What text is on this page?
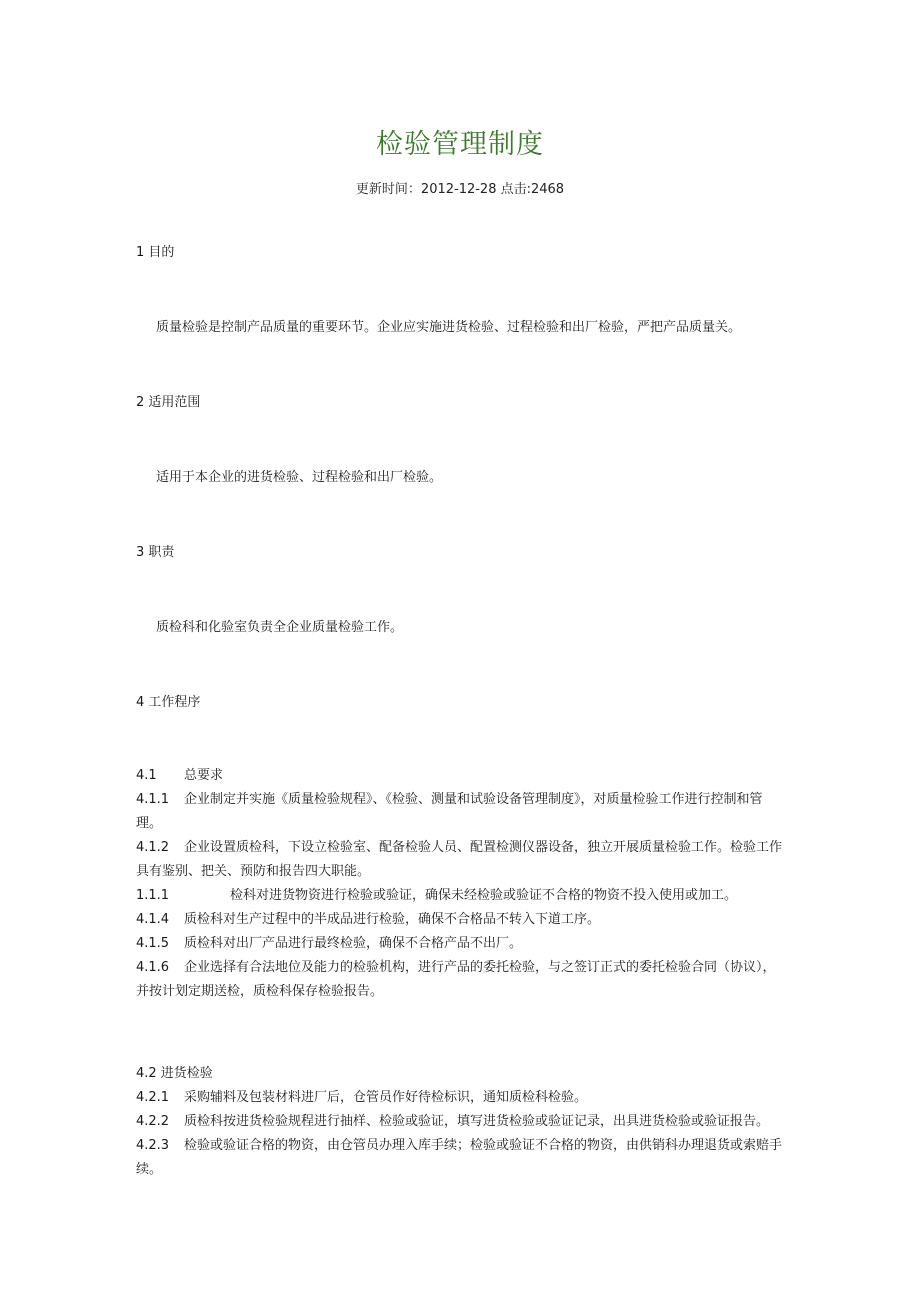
检验管理制度
更新时间：2012-12-28 点击:2468
1 目的
质量检验是控制产品质量的重要环节。企业应实施进货检验、过程检验和出厂检验，严把产品质量关。
2 适用范围
适用于本企业的进货检验、过程检验和出厂检验。
3 职责
质检科和化验室负责全企业质量检验工作。
4 工作程序

4.1 总要求

4.1.1 企业制定并实施《质量检验规程》、《检验、测量和试验设备管理制度》，对质量检验工作进行控制和管理。

4.1.2 企业设置质检科，下设立检验室、配备检验人员、配置检测仪器设备，独立开展质量检验工作。检验工作具有鉴别、把关、预防和报告四大职能。

1.1.1	检科对进货物资进行检验或验证，确保未经检验或验证不合格的物资不投入使用或加工。

4.1.4 质检科对生产过程中的半成品进行检验，确保不合格品不转入下道工序。

4.1.5 质检科对出厂产品进行最终检验，确保不合格产品不出厂。

4.1.6 企业选择有合法地位及能力的检验机构，进行产品的委托检验，与之签订正式的委托检验合同（协议），并按计划定期送检，质检科保存检验报告。

4.2 进货检验

4.2.1 采购辅料及包装材料进厂后，仓管员作好待检标识，通知质检科检验。

4.2.2 质检科按进货检验规程进行抽样、检验或验证，填写进货检验或验证记录，出具进货检验或验证报告。

4.2.3 检验或验证合格的物资，由仓管员办理入库手续；检验或验证不合格的物资，由供销科办理退货或索赔手续。
